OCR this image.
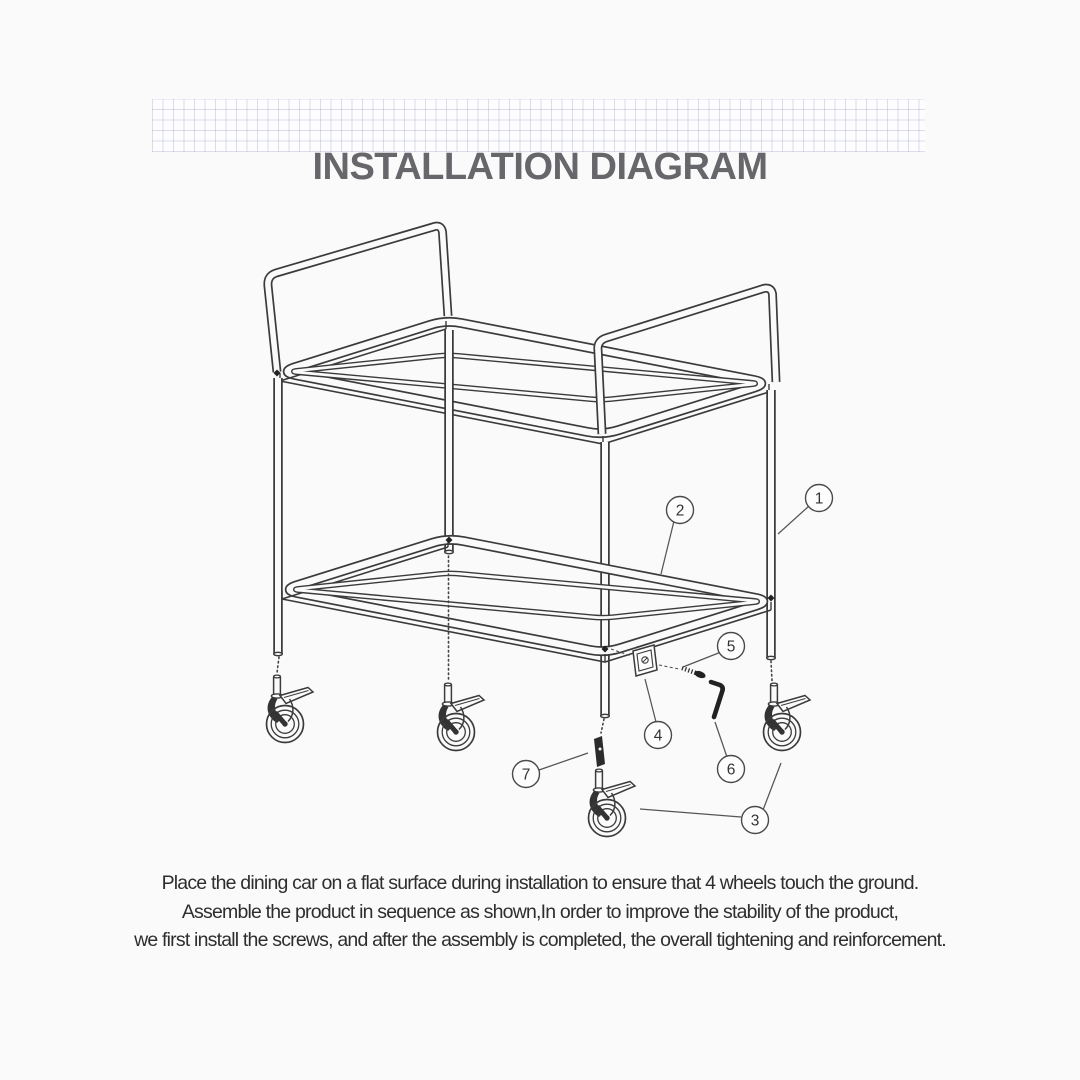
INSTALLATION DIAGRAM
1
2
3
4
5
6
7
Place the dining car on a flat surface during installation to ensure that 4 wheels touch the ground.
Assemble the product in sequence as shown,In order to improve the stability of the product,
we first install the screws, and after the assembly is completed, the overall tightening and reinforcement.
